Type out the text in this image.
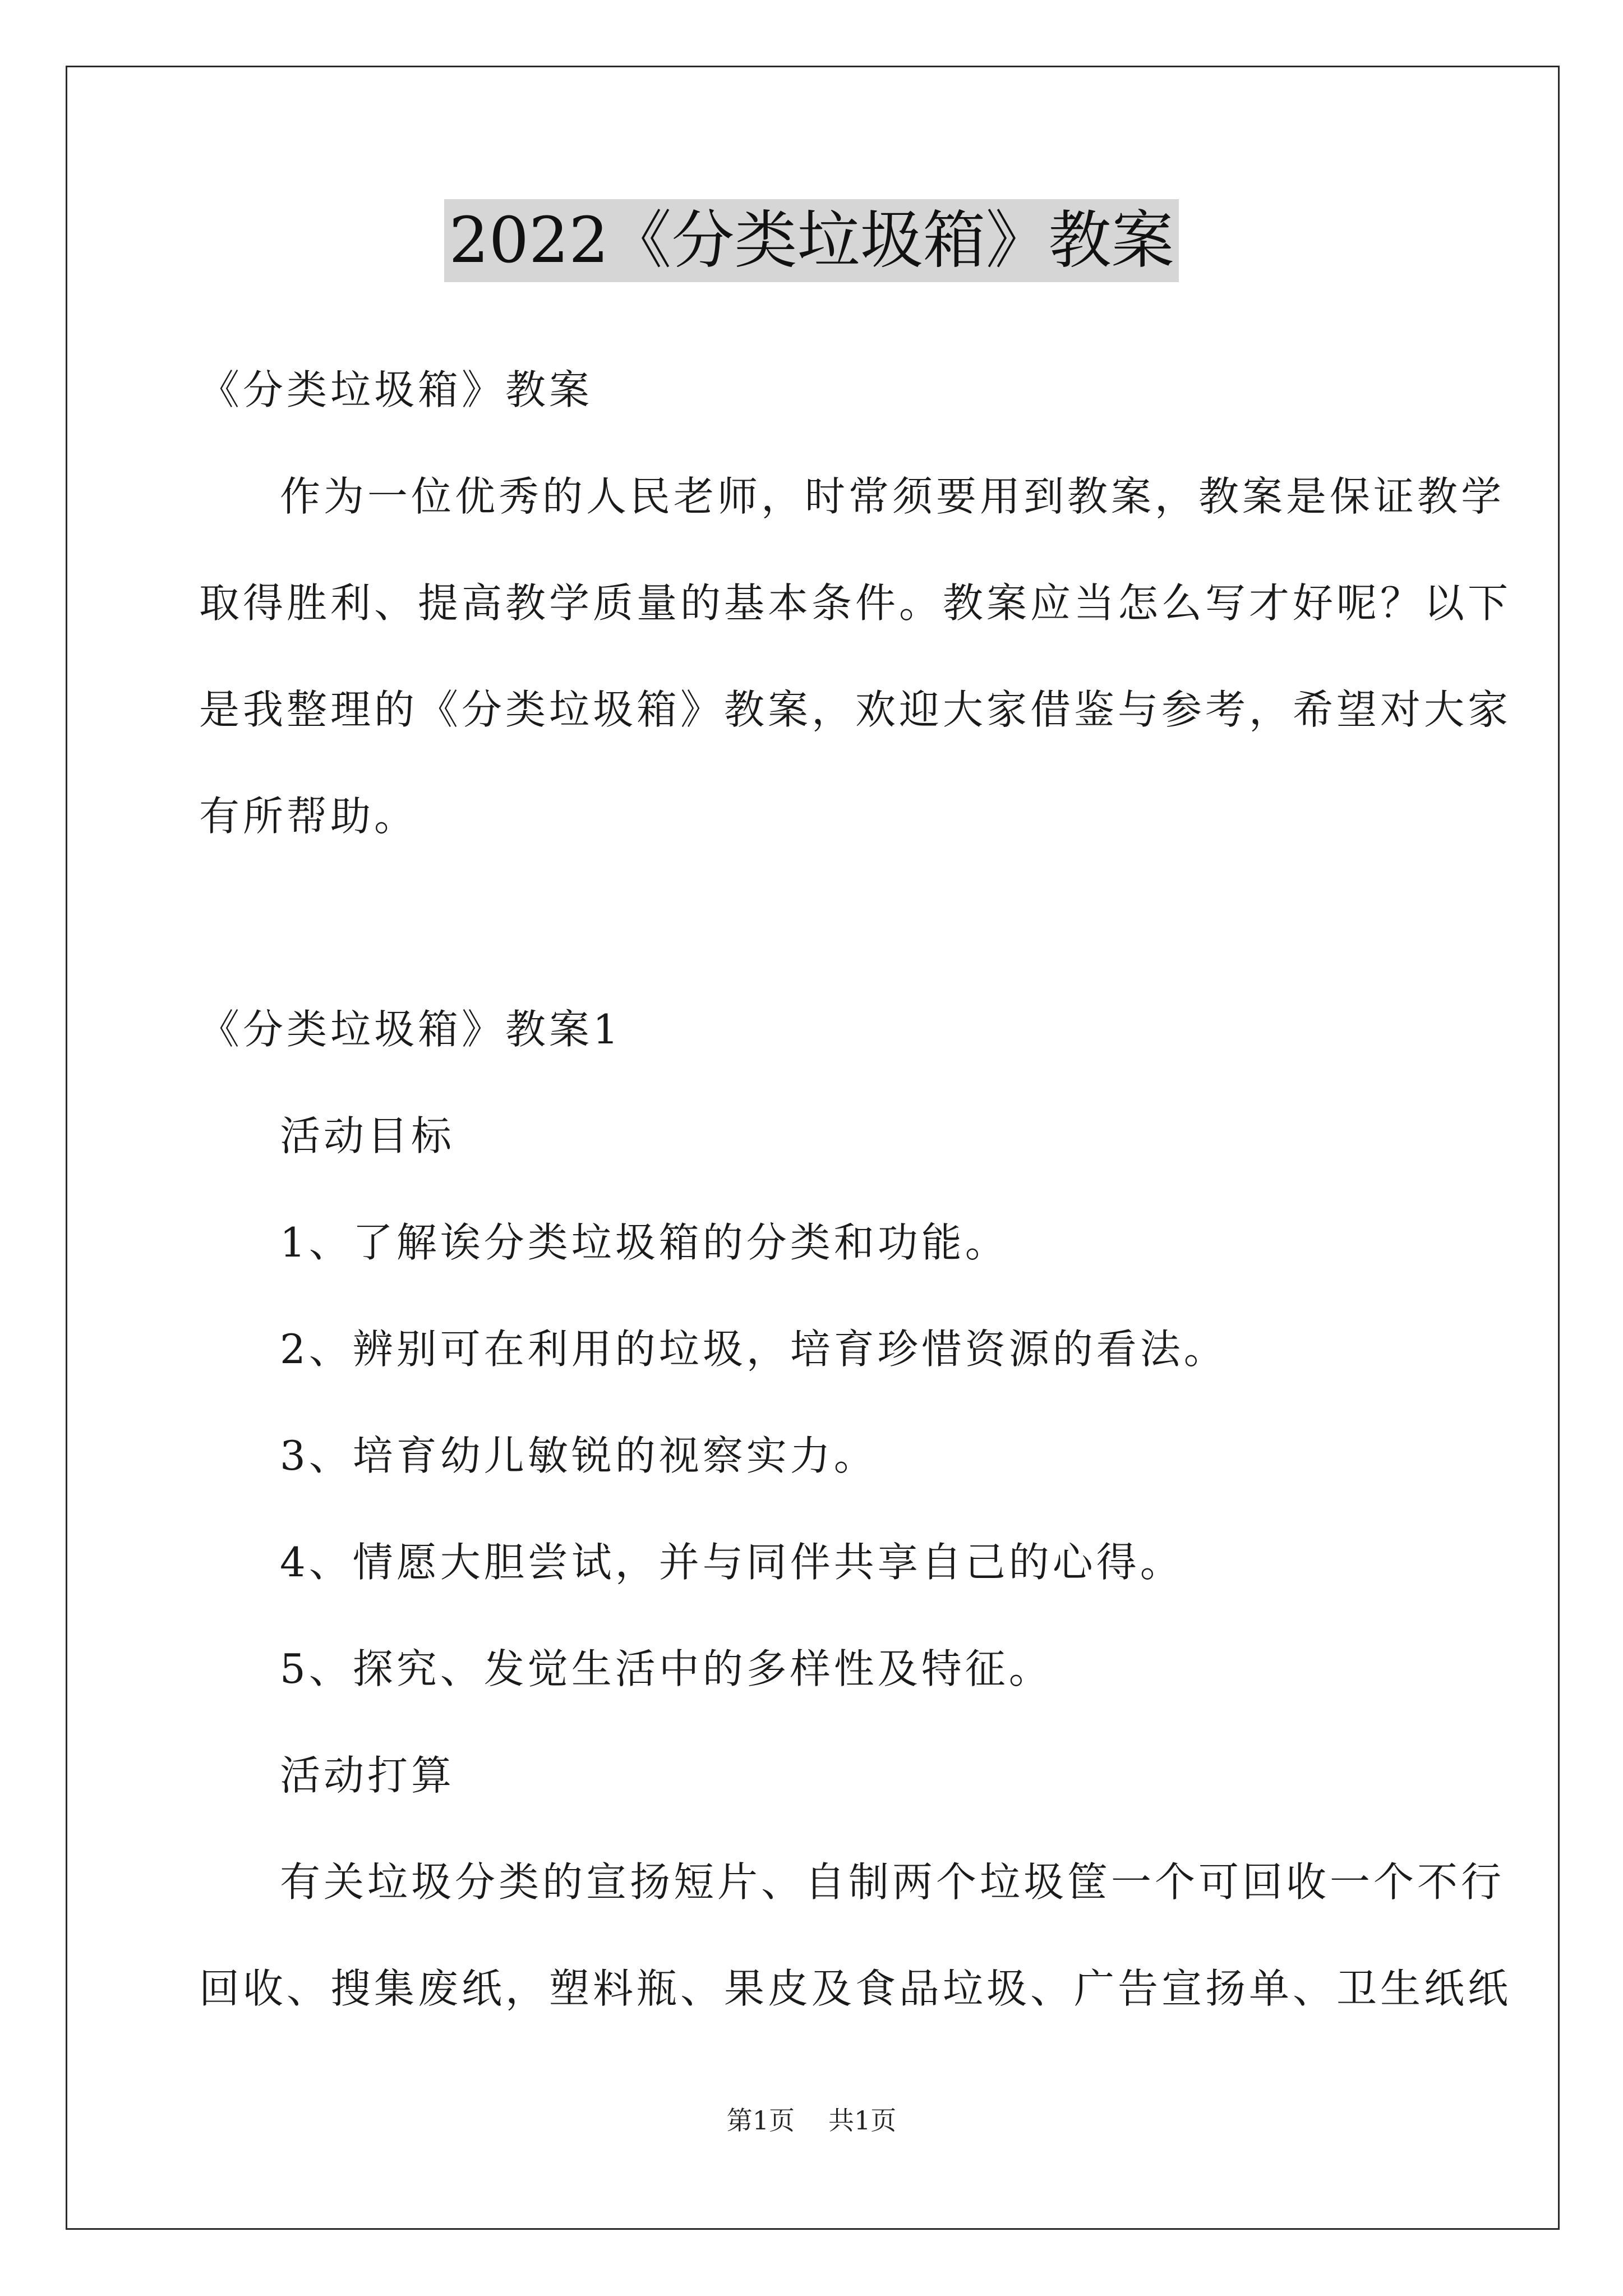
2022《分类垃圾箱》教案

《分类垃圾箱》教案

作为一位优秀的人民老师，时常须要用到教案，教案是保证教学

取得胜利、提高教学质量的基本条件。教案应当怎么写才好呢？以下

是我整理的《分类垃圾箱》教案，欢迎大家借鉴与参考，希望对大家

有所帮助。

《分类垃圾箱》教案1

活动目标

1、了解诶分类垃圾箱的分类和功能。

2、辨别可在利用的垃圾，培育珍惜资源的看法。

3、培育幼儿敏锐的视察实力。

4、情愿大胆尝试，并与同伴共享自己的心得。

5、探究、发觉生活中的多样性及特征。

活动打算

有关垃圾分类的宣扬短片、自制两个垃圾筐一个可回收一个不行

回收、搜集废纸，塑料瓶、果皮及食品垃圾、广告宣扬单、卫生纸纸

第1页 共1页
